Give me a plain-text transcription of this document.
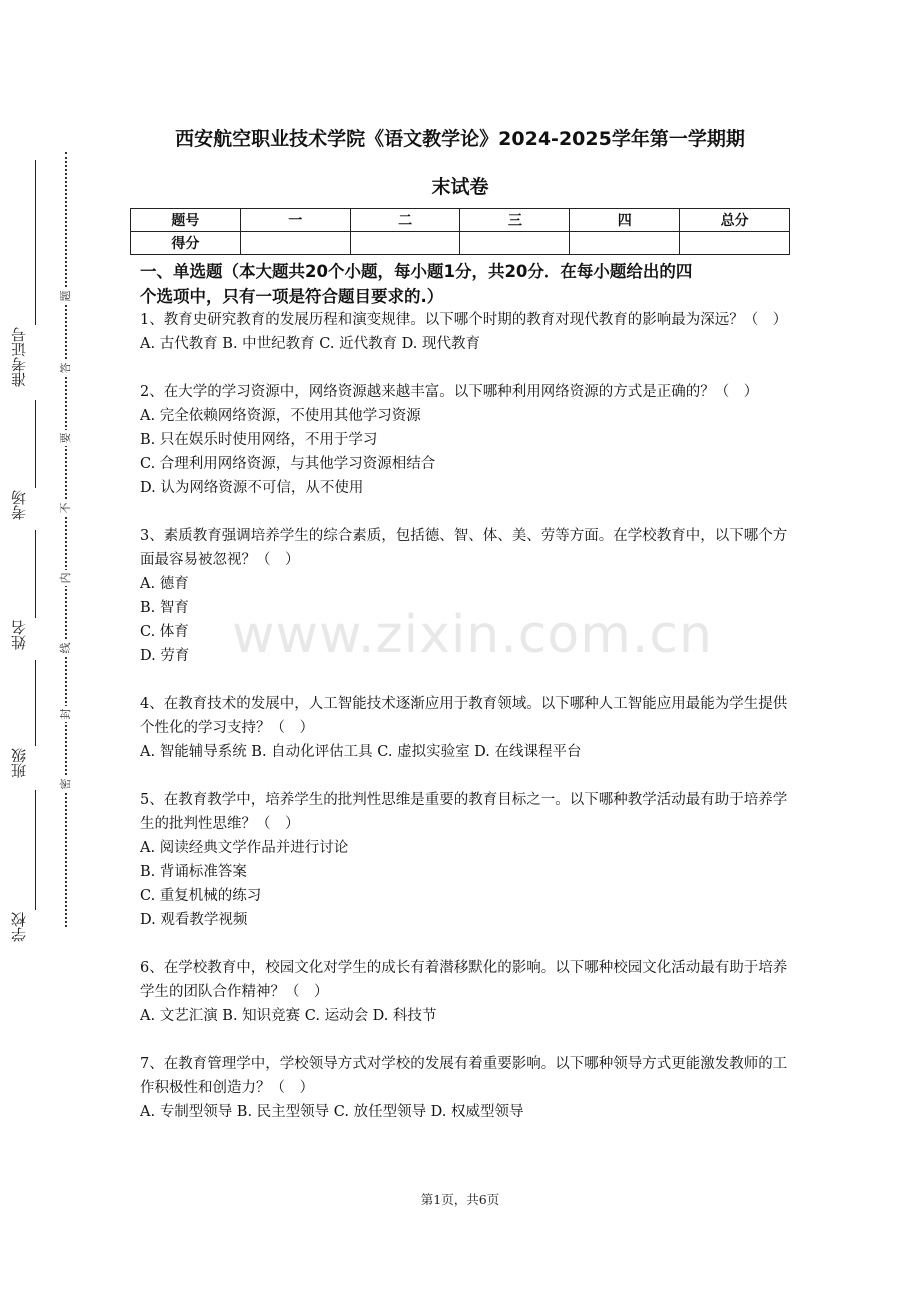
准考证号
考场
姓名
班级
学校
题
答
要
不
内
线
封
密
西安航空职业技术学院《语文教学论》2024-2025学年第一学期期
末试卷
题号	一	二	三	四	总分
得分					
一、单选题（本大题共20个小题，每小题1分，共20分．在每小题给出的四
个选项中，只有一项是符合题目要求的.）

1、教育史研究教育的发展历程和演变规律。以下哪个时期的教育对现代教育的影响最为深远？（　）

A. 古代教育 B. 中世纪教育 C. 近代教育 D. 现代教育

2、在大学的学习资源中，网络资源越来越丰富。以下哪种利用网络资源的方式是正确的？（　）

A. 完全依赖网络资源，不使用其他学习资源

B. 只在娱乐时使用网络，不用于学习

C. 合理利用网络资源，与其他学习资源相结合

D. 认为网络资源不可信，从不使用

3、素质教育强调培养学生的综合素质，包括德、智、体、美、劳等方面。在学校教育中，以下哪个方面最容易被忽视？（　）

A. 德育

B. 智育

C. 体育

D. 劳育

4、在教育技术的发展中，人工智能技术逐渐应用于教育领域。以下哪种人工智能应用最能为学生提供个性化的学习支持？（　）

A. 智能辅导系统 B. 自动化评估工具 C. 虚拟实验室 D. 在线课程平台

5、在教育教学中，培养学生的批判性思维是重要的教育目标之一。以下哪种教学活动最有助于培养学生的批判性思维？（　）

A. 阅读经典文学作品并进行讨论

B. 背诵标准答案

C. 重复机械的练习

D. 观看教学视频

6、在学校教育中，校园文化对学生的成长有着潜移默化的影响。以下哪种校园文化活动最有助于培养学生的团队合作精神？（　）

A. 文艺汇演 B. 知识竞赛 C. 运动会 D. 科技节

7、在教育管理学中，学校领导方式对学校的发展有着重要影响。以下哪种领导方式更能激发教师的工作积极性和创造力？（　）

A. 专制型领导 B. 民主型领导 C. 放任型领导 D. 权威型领导

www.zixin.com.cn
第1页，共6页
